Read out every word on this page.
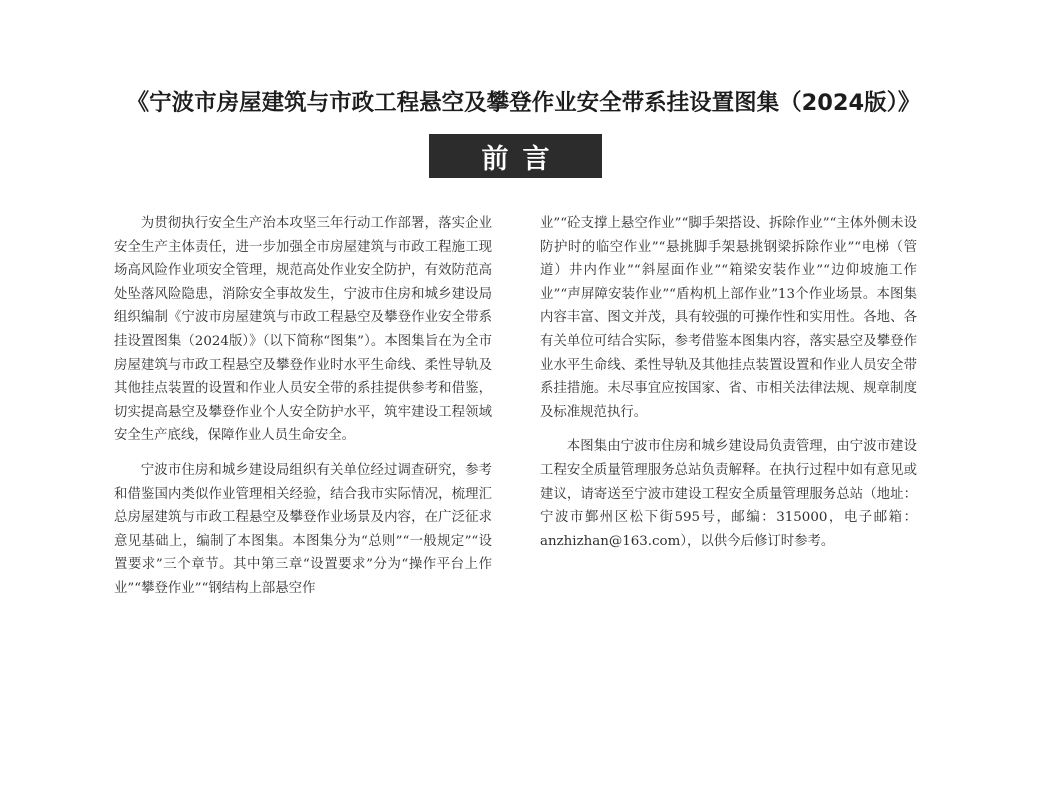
《宁波市房屋建筑与市政工程悬空及攀登作业安全带系挂设置图集（2024版）》
前言

为贯彻执行安全生产治本攻坚三年行动工作部署，落实企业安全生产主体责任，进一步加强全市房屋建筑与市政工程施工现场高风险作业项安全管理，规范高处作业安全防护，有效防范高处坠落风险隐患，消除安全事故发生，宁波市住房和城乡建设局组织编制《宁波市房屋建筑与市政工程悬空及攀登作业安全带系挂设置图集（2024版）》（以下简称“图集”）。本图集旨在为全市房屋建筑与市政工程悬空及攀登作业时水平生命线、柔性导轨及其他挂点装置的设置和作业人员安全带的系挂提供参考和借鉴，切实提高悬空及攀登作业个人安全防护水平，筑牢建设工程领域安全生产底线，保障作业人员生命安全。

宁波市住房和城乡建设局组织有关单位经过调查研究，参考和借鉴国内类似作业管理相关经验，结合我市实际情况，梳理汇总房屋建筑与市政工程悬空及攀登作业场景及内容，在广泛征求意见基础上，编制了本图集。本图集分为“总则”“一般规定”“设置要求”三个章节。其中第三章“设置要求”分为“操作平台上作业”“攀登作业”“钢结构上部悬空作

业”“砼支撑上悬空作业”“脚手架搭设、拆除作业”“主体外侧未设防护时的临空作业”“悬挑脚手架悬挑钢梁拆除作业”“电梯（管道）井内作业”“斜屋面作业”“箱梁安装作业”“边仰坡施工作业”“声屏障安装作业”“盾构机上部作业”13个作业场景。本图集内容丰富、图文并茂，具有较强的可操作性和实用性。各地、各有关单位可结合实际，参考借鉴本图集内容，落实悬空及攀登作业水平生命线、柔性导轨及其他挂点装置设置和作业人员安全带系挂措施。未尽事宜应按国家、省、市相关法律法规、规章制度及标准规范执行。

本图集由宁波市住房和城乡建设局负责管理，由宁波市建设工程安全质量管理服务总站负责解释。在执行过程中如有意见或建议，请寄送至宁波市建设工程安全质量管理服务总站（地址：宁波市鄞州区松下街595号，邮编：315000，电子邮箱：anzhizhan@163.com），以供今后修订时参考。
